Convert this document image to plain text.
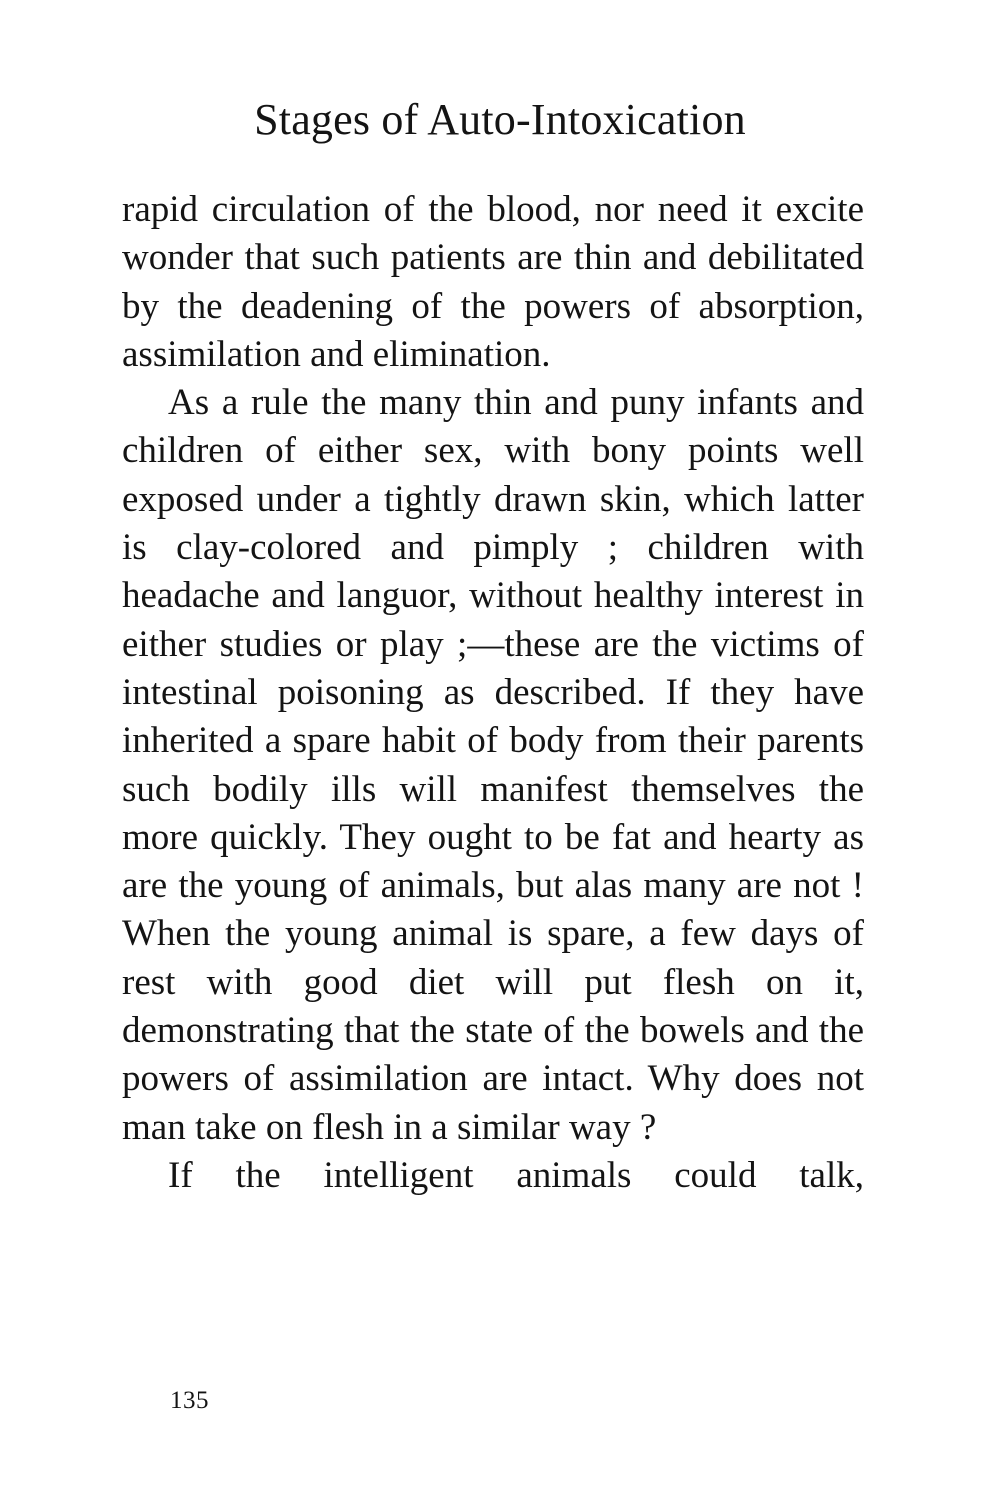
Stages of Auto-Intoxication

rapid circulation of the blood, nor need it excite wonder that such patients are thin and debilitated by the deadening of the powers of absorption, assimilation and elimination.

As a rule the many thin and puny infants and children of either sex, with bony points well exposed under a tightly drawn skin, which latter is clay-colored and pimply ; children with headache and languor, without healthy interest in either studies or play ;—these are the victims of intestinal poisoning as described. If they have inherited a spare habit of body from their parents such bodily ills will manifest themselves the more quickly. They ought to be fat and hearty as are the young of animals, but alas many are not ! When the young animal is spare, a few days of rest with good diet will put flesh on it, demonstrating that the state of the bowels and the powers of assimilation are intact. Why does not man take on flesh in a similar way ?

If the intelligent animals could talk,

135
